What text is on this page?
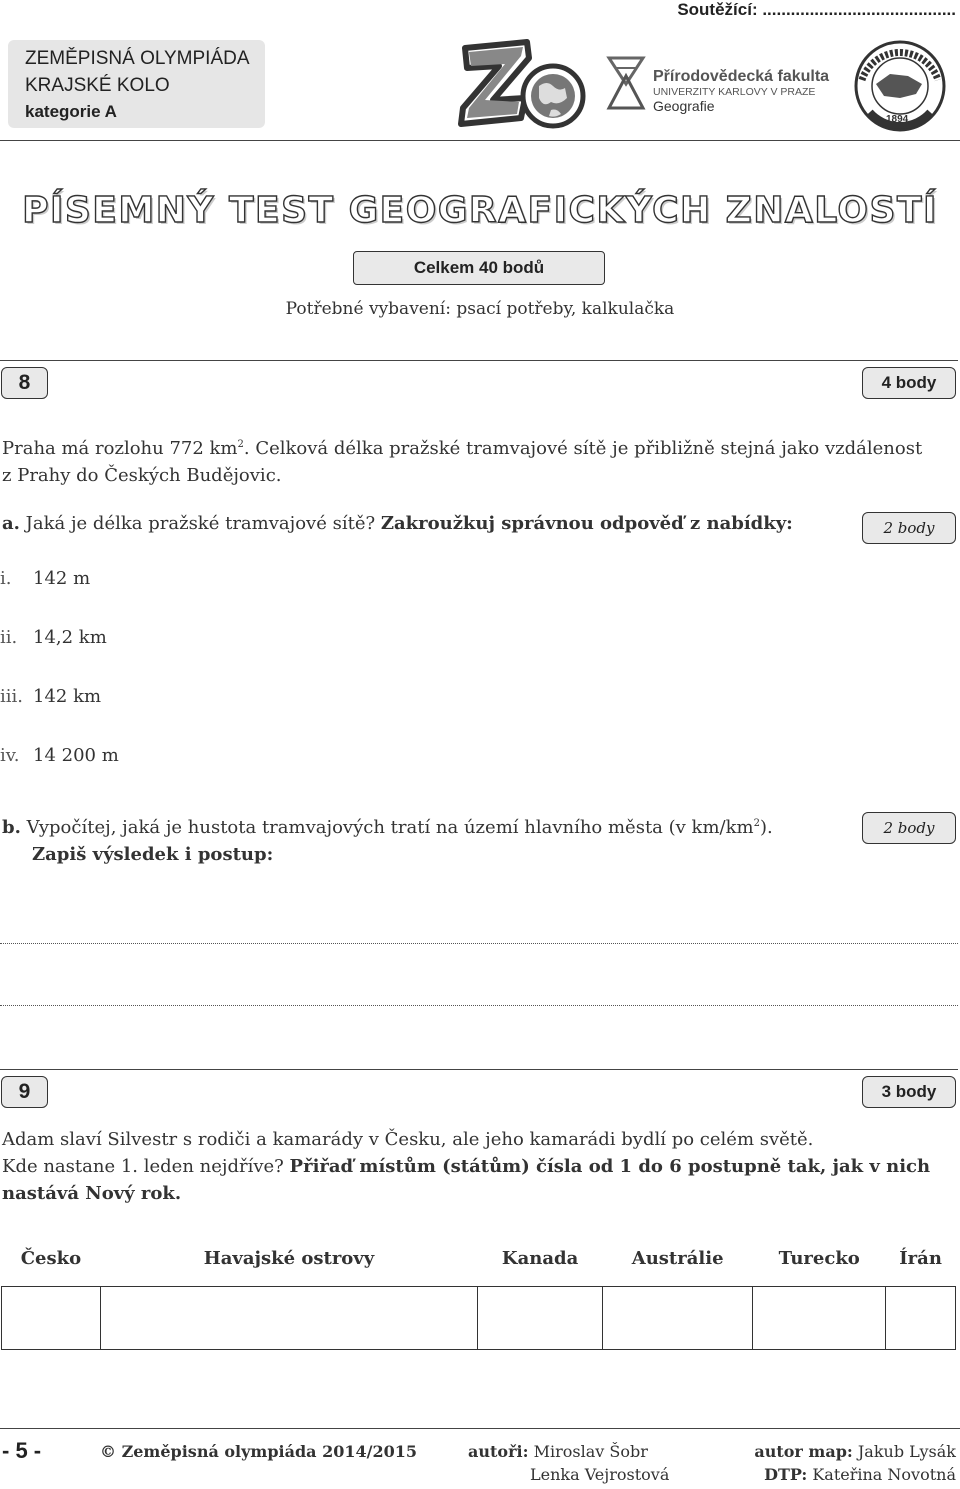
Soutěžící: .........................................
ZEMĚPISNÁ OLYMPIÁDA
KRAJSKÉ KOLO
kategorie A
Přírodovědecká fakulta
UNIVERZITY KARLOVY V PRAZE
Geografie
1894
PÍSEMNÝ TEST GEOGRAFICKÝCH ZNALOSTÍ
Celkem 40 bodů
Potřebné vybavení: psací potřeby, kalkulačka
8	4 body
Praha má rozlohu 772 $km^2$. Celková délka pražské tramvajové sítě je přibližně stejná jako vzdálenost
z Prahy do Českých Budějovic.
a. Jaká je délka pražské tramvajové sítě? Zakroužkuj správnou odpověď z nabídky:	2 body
i. 142 m
ii. 14,2 km
iii. 142 km
iv. 14 200 m
b. Vypočítej, jaká je hustota tramvajových tratí na území hlavního města (v $km/km^2$).
Zapiš výsledek i postup:
2 body
9	3 body
Adam slaví Silvestr s rodiči a kamarády v Česku, ale jeho kamarádi bydlí po celém světě.
Kde nastane 1. leden nejdříve? Přiřaď místům (státům) čísla od 1 do 6 postupně tak, jak v nich
nastává Nový rok.
Česko	Havajské ostrovy	Kanada	Austrálie	Turecko	Írán

- 5 -	© Zeměpisná olympiáda 2014/2015	autoři: Miroslav Šobr
Lenka Vejrostová
autor map: Jakub Lysák
DTP: Kateřina Novotná
